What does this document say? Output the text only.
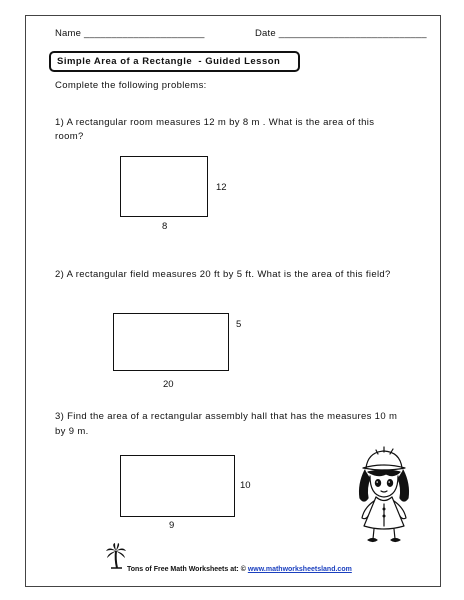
Name ______________________	Date ___________________________
Simple Area of a Rectangle  - Guided Lesson
Complete the following problems:
1) A rectangular room measures 12 m by 8 m . What is the area of this
room?
12
8
2) A rectangular field measures 20 ft by 5 ft. What is the area of this field?
5
20
3) Find the area of a rectangular assembly hall that has the measures 10 m
by 9 m.
10
9
Tons of Free Math Worksheets at: © www.mathworksheetsland.com
